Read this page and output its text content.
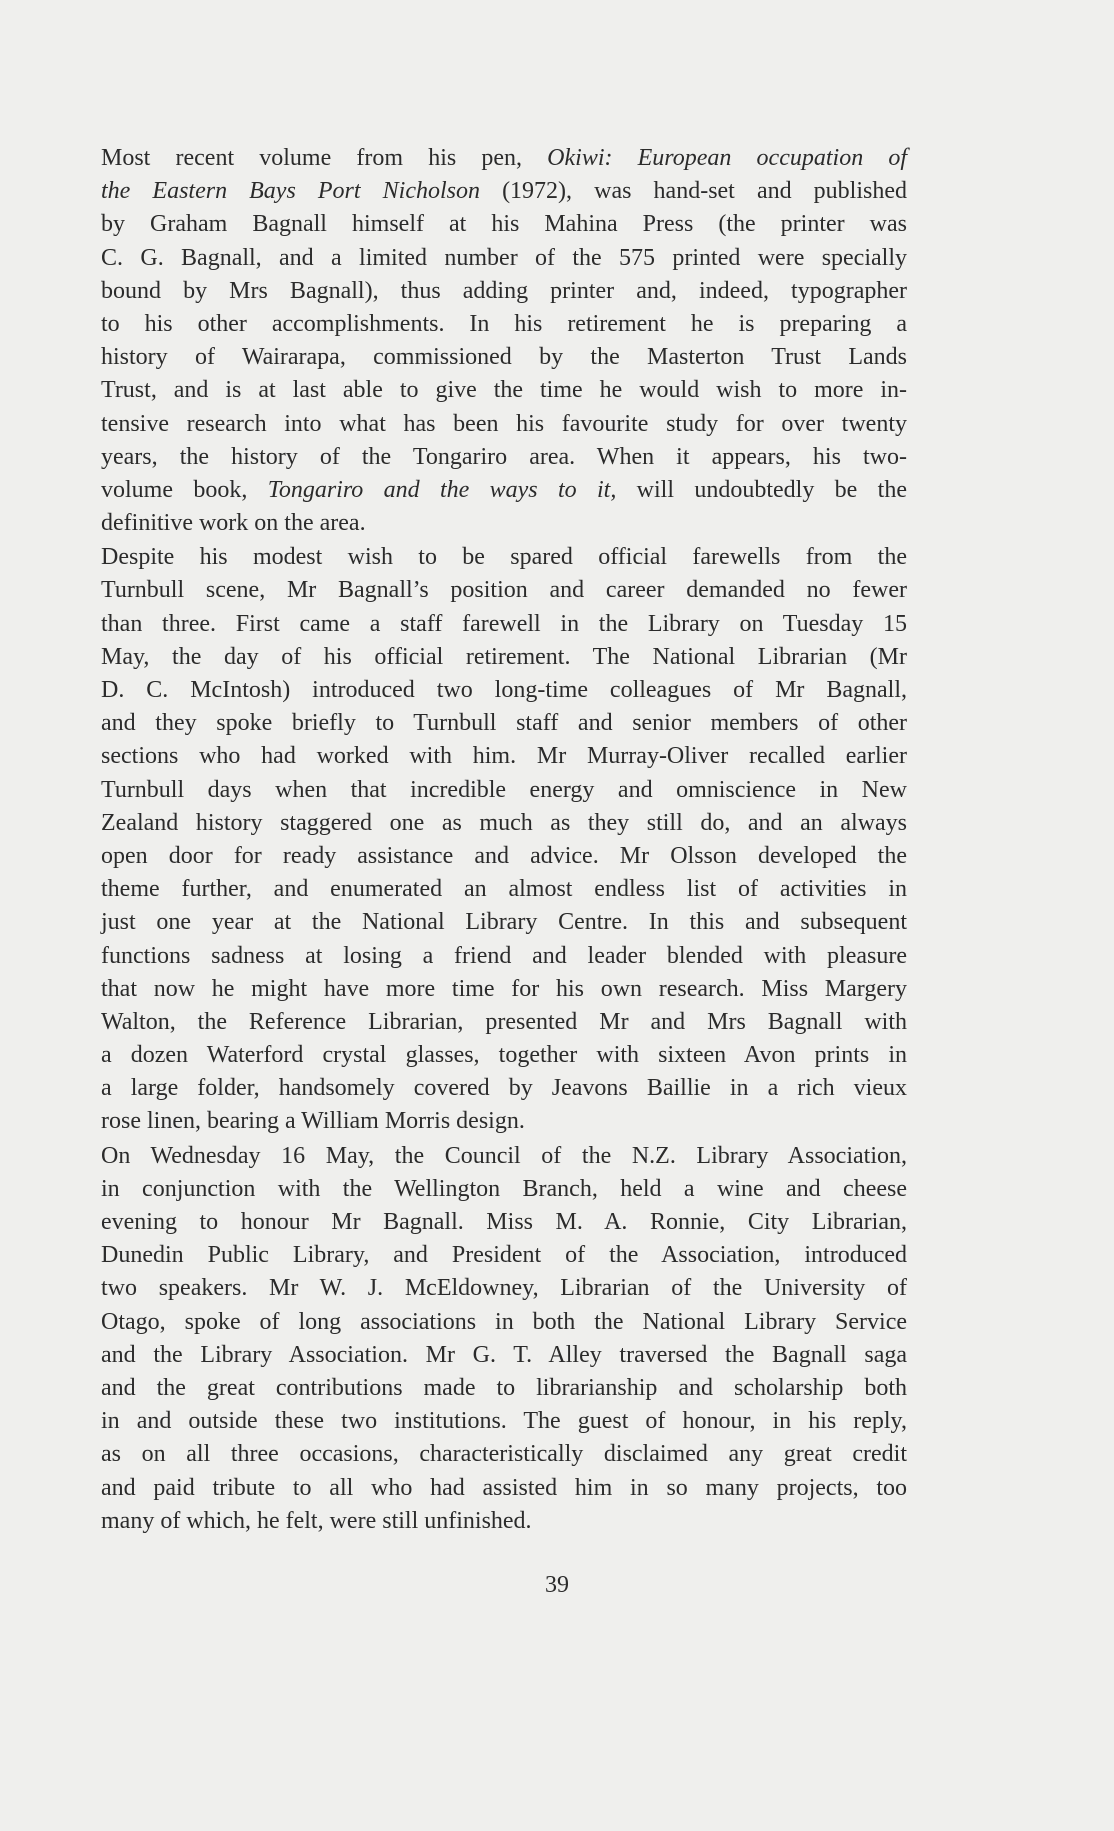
Most recent volume from his pen, Okiwi: European occupation of
the Eastern Bays Port Nicholson (1972), was hand-set and published
by Graham Bagnall himself at his Mahina Press (the printer was
C. G. Bagnall, and a limited number of the 575 printed were specially
bound by Mrs Bagnall), thus adding printer and, indeed, typographer
to his other accomplishments. In his retirement he is preparing a
history of Wairarapa, commissioned by the Masterton Trust Lands
Trust, and is at last able to give the time he would wish to more in-
tensive research into what has been his favourite study for over twenty
years, the history of the Tongariro area. When it appears, his two-
volume book, Tongariro and the ways to it, will undoubtedly be the
definitive work on the area.
Despite his modest wish to be spared official farewells from the
Turnbull scene, Mr Bagnall’s position and career demanded no fewer
than three. First came a staff farewell in the Library on Tuesday 15
May, the day of his official retirement. The National Librarian (Mr
D. C. McIntosh) introduced two long-time colleagues of Mr Bagnall,
and they spoke briefly to Turnbull staff and senior members of other
sections who had worked with him. Mr Murray-Oliver recalled earlier
Turnbull days when that incredible energy and omniscience in New
Zealand history staggered one as much as they still do, and an always
open door for ready assistance and advice. Mr Olsson developed the
theme further, and enumerated an almost endless list of activities in
just one year at the National Library Centre. In this and subsequent
functions sadness at losing a friend and leader blended with pleasure
that now he might have more time for his own research. Miss Margery
Walton, the Reference Librarian, presented Mr and Mrs Bagnall with
a dozen Waterford crystal glasses, together with sixteen Avon prints in
a large folder, handsomely covered by Jeavons Baillie in a rich vieux
rose linen, bearing a William Morris design.
On Wednesday 16 May, the Council of the N.Z. Library Association,
in conjunction with the Wellington Branch, held a wine and cheese
evening to honour Mr Bagnall. Miss M. A. Ronnie, City Librarian,
Dunedin Public Library, and President of the Association, introduced
two speakers. Mr W. J. McEldowney, Librarian of the University of
Otago, spoke of long associations in both the National Library Service
and the Library Association. Mr G. T. Alley traversed the Bagnall saga
and the great contributions made to librarianship and scholarship both
in and outside these two institutions. The guest of honour, in his reply,
as on all three occasions, characteristically disclaimed any great credit
and paid tribute to all who had assisted him in so many projects, too
many of which, he felt, were still unfinished.
39
